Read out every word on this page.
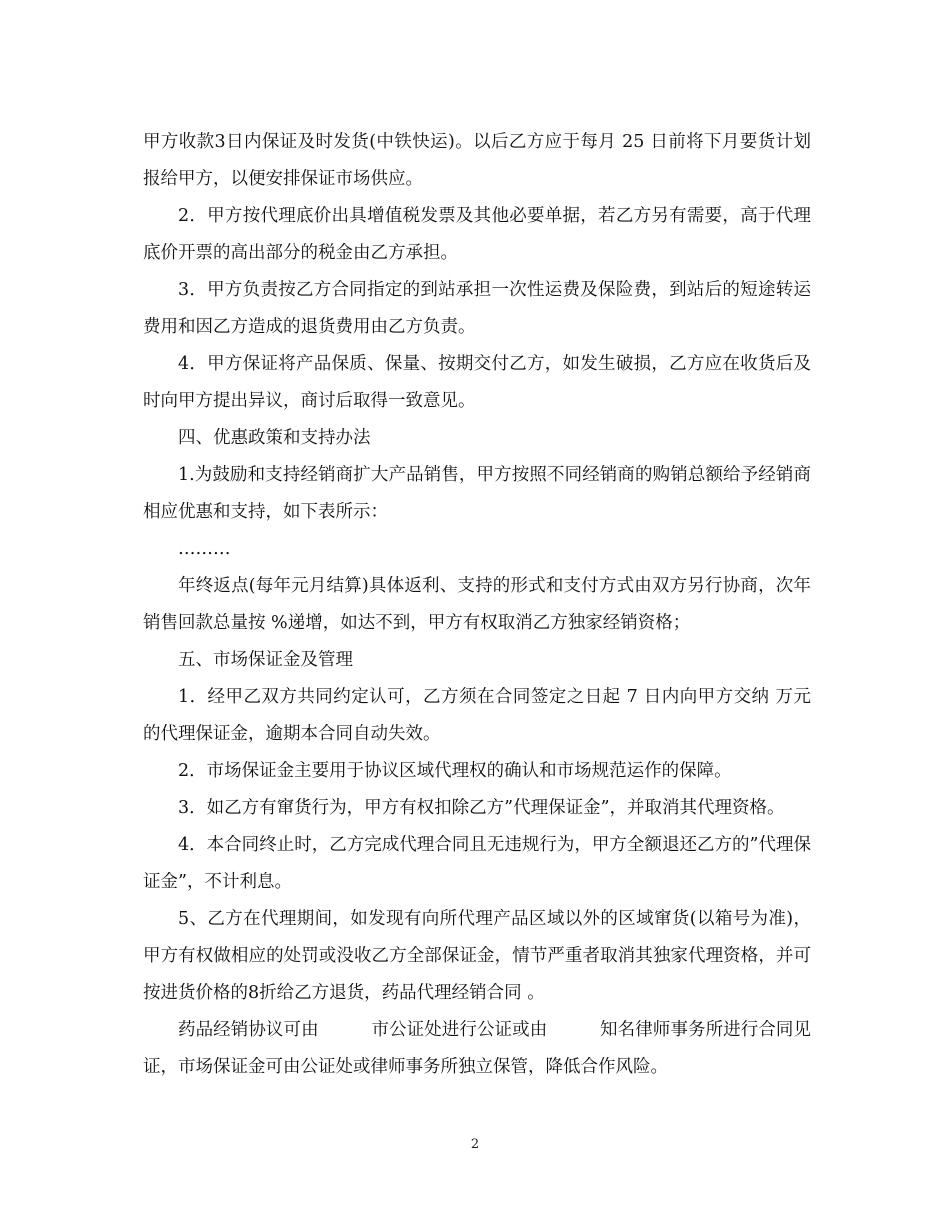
甲方收款3日内保证及时发货(中铁快运)。以后乙方应于每月 25 日前将下月要货计划报给甲方，以便安排保证市场供应。

2．甲方按代理底价出具增值税发票及其他必要单据，若乙方另有需要，高于代理底价开票的高出部分的税金由乙方承担。

3．甲方负责按乙方合同指定的到站承担一次性运费及保险费，到站后的短途转运费用和因乙方造成的退货费用由乙方负责。

4．甲方保证将产品保质、保量、按期交付乙方，如发生破损，乙方应在收货后及时向甲方提出异议，商讨后取得一致意见。

四、优惠政策和支持办法

1.为鼓励和支持经销商扩大产品销售，甲方按照不同经销商的购销总额给予经销商相应优惠和支持，如下表所示：

………

年终返点(每年元月结算)具体返利、支持的形式和支付方式由双方另行协商，次年销售回款总量按 %递增，如达不到，甲方有权取消乙方独家经销资格；

五、市场保证金及管理

1．经甲乙双方共同约定认可，乙方须在合同签定之日起 7 日内向甲方交纳 万元的代理保证金，逾期本合同自动失效。

2．市场保证金主要用于协议区域代理权的确认和市场规范运作的保障。

3．如乙方有窜货行为，甲方有权扣除乙方”代理保证金”，并取消其代理资格。

4．本合同终止时，乙方完成代理合同且无违规行为，甲方全额退还乙方的”代理保证金”，不计利息。

5、乙方在代理期间，如发现有向所代理产品区域以外的区域窜货(以箱号为准)，甲方有权做相应的处罚或没收乙方全部保证金，情节严重者取消其独家代理资格，并可按进货价格的8折给乙方退货，药品代理经销合同 。

药品经销协议可由　　　市公证处进行公证或由　　　知名律师事务所进行合同见证，市场保证金可由公证处或律师事务所独立保管，降低合作风险。

2
